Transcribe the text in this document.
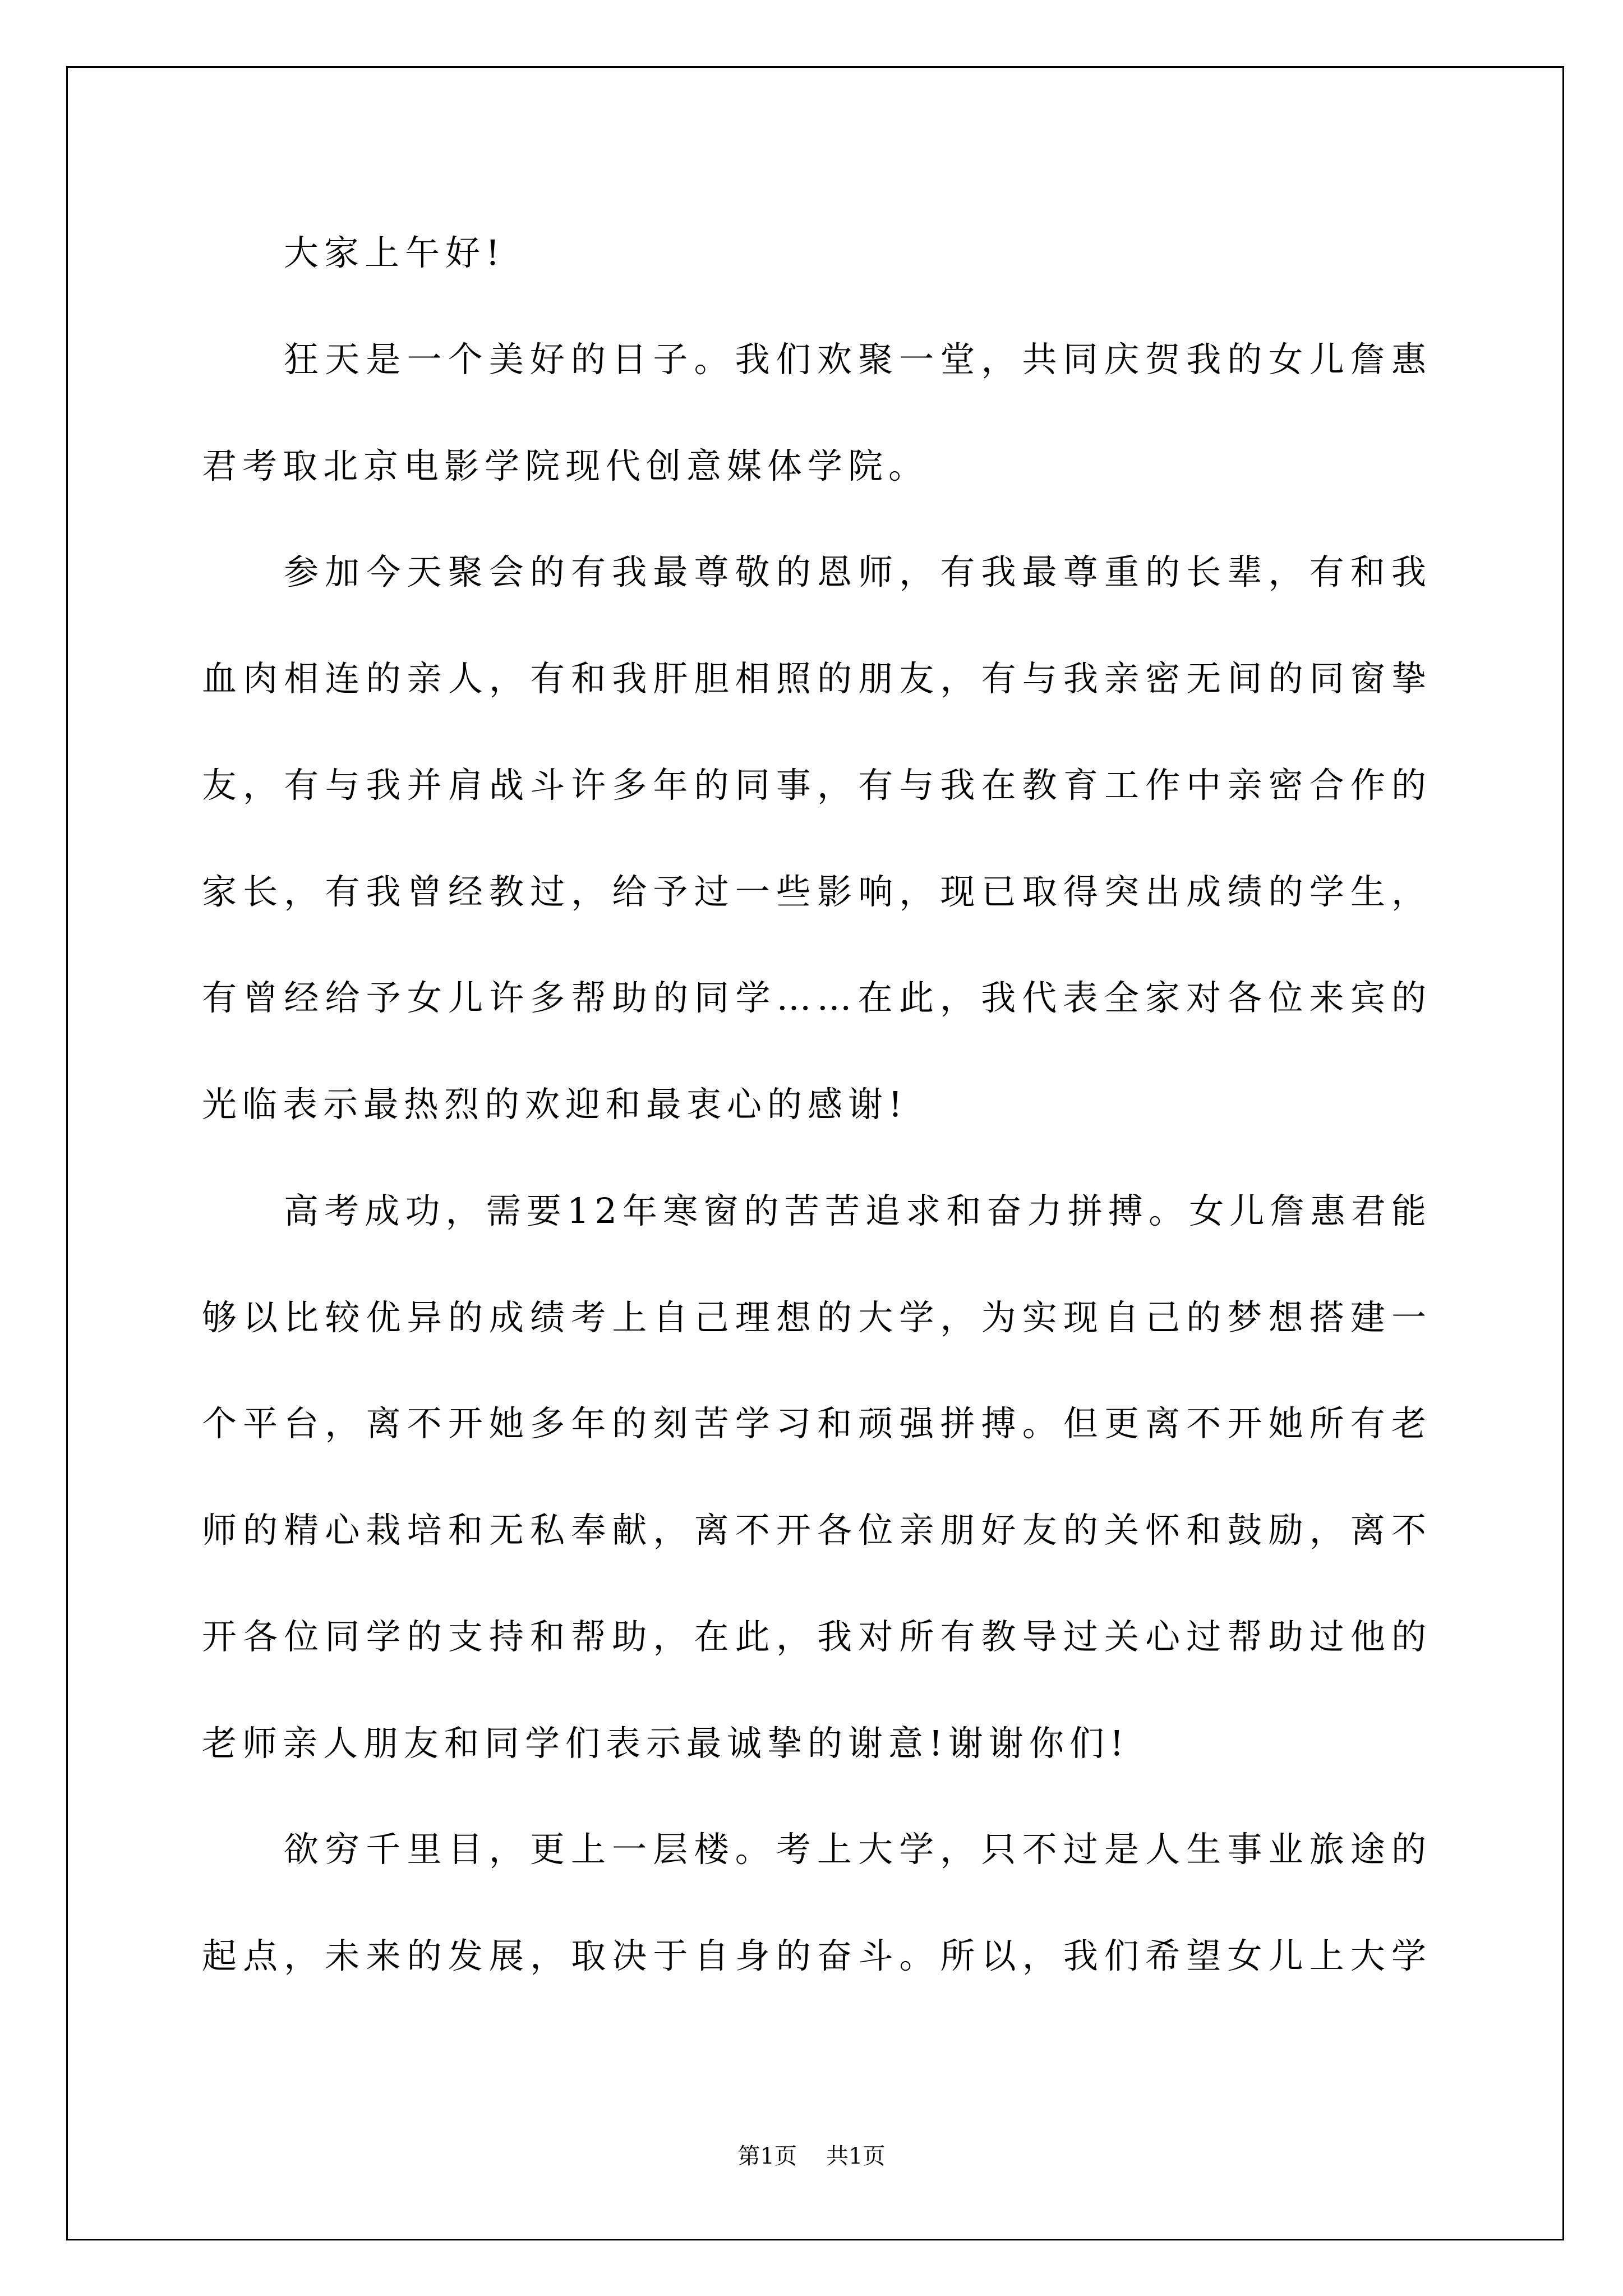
大家上午好!
狂天是一个美好的日子。我们欢聚一堂，共同庆贺我的女儿詹惠
君考取北京电影学院现代创意媒体学院。
参加今天聚会的有我最尊敬的恩师，有我最尊重的长辈，有和我
血肉相连的亲人，有和我肝胆相照的朋友，有与我亲密无间的同窗挚
友，有与我并肩战斗许多年的同事，有与我在教育工作中亲密合作的
家长，有我曾经教过，给予过一些影响，现已取得突出成绩的学生，
有曾经给予女儿许多帮助的同学……在此，我代表全家对各位来宾的
光临表示最热烈的欢迎和最衷心的感谢!
高考成功，需要12年寒窗的苦苦追求和奋力拼搏。女儿詹惠君能
够以比较优异的成绩考上自己理想的大学，为实现自己的梦想搭建一
个平台，离不开她多年的刻苦学习和顽强拼搏。但更离不开她所有老
师的精心栽培和无私奉献，离不开各位亲朋好友的关怀和鼓励，离不
开各位同学的支持和帮助，在此，我对所有教导过关心过帮助过他的
老师亲人朋友和同学们表示最诚挚的谢意!谢谢你们!
欲穷千里目，更上一层楼。考上大学，只不过是人生事业旅途的
起点，未来的发展，取决于自身的奋斗。所以，我们希望女儿上大学
第1页 共1页
